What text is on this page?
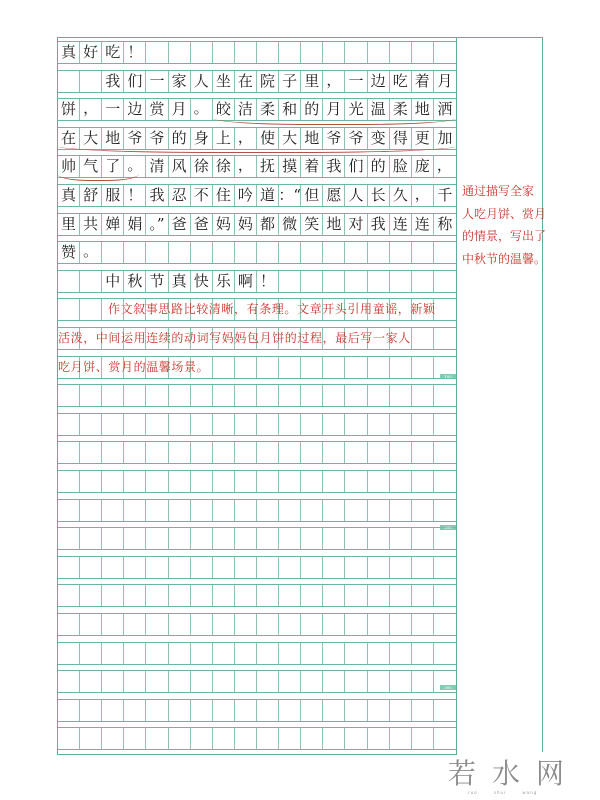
真 好 吃 ！
我 们 一 家 人 坐 在 院 子 里 ， 一 边 吃 着 月
饼 ， 一 边 赏 月 。 皎 洁 柔 和 的 月 光 温 柔 地 洒
在 大 地 爷 爷 的 身 上 ， 使 大 地 爷 爷 变 得 更 加
帅 气 了 。 清 风 徐 徐 ， 抚 摸 着 我 们 的 脸 庞 ，
真 舒 服 ！ 我 忍 不 住 吟 道 ：“ 但 愿 人 长 久 ， 千
里 共 婵 娟 。” 爸 爸 妈 妈 都 微 笑 地 对 我 连 连 称
赞 。
中 秋 节 真 快 乐 啊 ！
作文叙事思路比较清晰，有条理。文章开头引用童谣，新颖
活泼，中间运用连续的动词写妈妈包月饼的过程，最后写一家人
吃月饼、赏月的温馨场景。
通过描写全家
人吃月饼、赏月
的情景，写出了
中秋节的温馨。
100
200
300
若水网
ruo shui wang
